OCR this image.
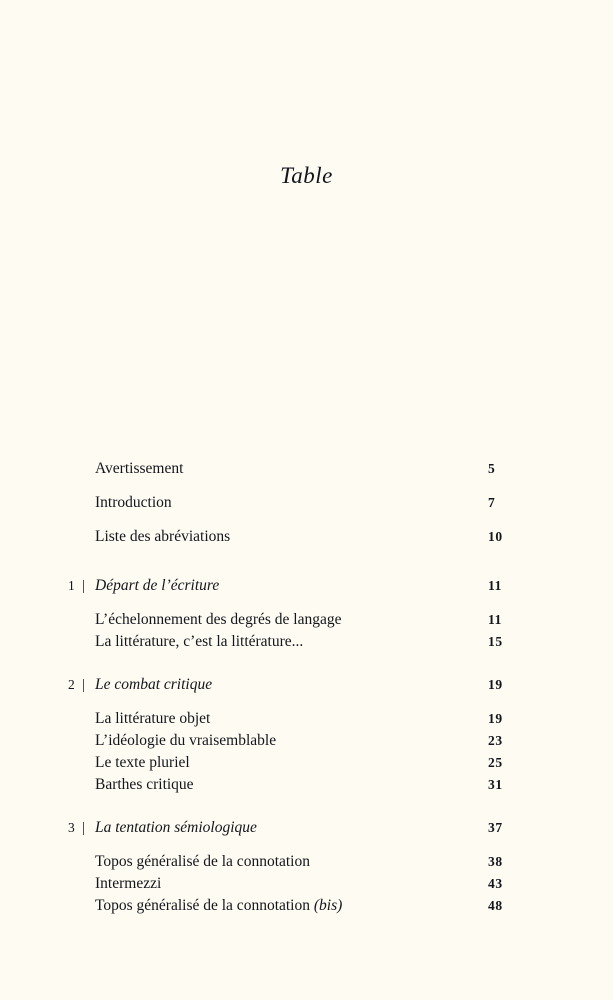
Table
Avertissement	5
Introduction	7
Liste des abréviations	10
1 | Départ de l’écriture	11
L’échelonnement des degrés de langage	11
La littérature, c’est la littérature...	15
2 | Le combat critique	19
La littérature objet	19
L’idéologie du vraisemblable	23
Le texte pluriel	25
Barthes critique	31
3 | La tentation sémiologique	37
Topos généralisé de la connotation	38
Intermezzi	43
Topos généralisé de la connotation (bis)	48
